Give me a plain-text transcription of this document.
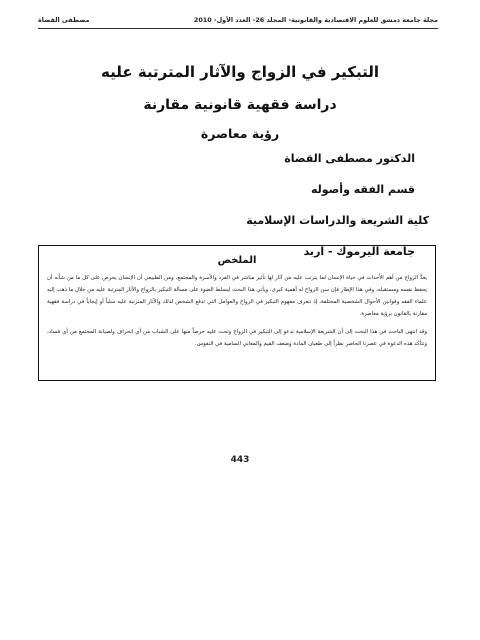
مجلة جامعة دمشق للعلوم الاقتصادية والقانونية- المجلد 26- العدد الأول- 2010
مصطفى القضاة
التبكير في الزواج والآثار المترتبة عليه
دراسة فقهية قانونية مقارنة
رؤية معاصرة
الدكتور مصطفى القضاة
قسم الفقه وأصوله
كلية الشريعة والدراسات الإسلامية
جامعة اليرموك - اربد
الملخص

يعدُّ الزواج من أهم الأحداث في حياة الإنسان لما يترتب عليه من آثار لها تأثير مباشر في الفرد والأسرة والمجتمع، ومن الطبيعي أن الإنسان يحرص على كل ما من شأنه أن يحفظ نفسه ومستقبله، وفي هذا الإطار فإن سن الزواج له أهمية كبرى، ويأتي هذا البحث ليسلط الضوء على مسألة التبكير بالزواج والآثار المترتبة عليه من خلال ما ذهب إليه علماء الفقه وقوانين الأحوال الشخصية المختلفة، إذ نتعرف مفهوم التبكير في الزواج والعوامل التي تدفع الشخص لذلك والآثار المترتبة عليه سلباً أو إيجاباً في دراسة فقهية مقارنة بالقانون برؤية معاصرة.

وقد انتهى الباحث في هذا البحث إلى أن الشريعة الإسلامية تدعو إلى التبكير في الزواج وتحث عليه حرصاً منها على الشباب من أي انحراف ولصيانة المجتمع من أي فساد، وتتأكد هذه الدعوة في عصرنا الحاضر نظراً إلى طغيان المادة وضعف القيم والمعاني السامية في النفوس.

443
